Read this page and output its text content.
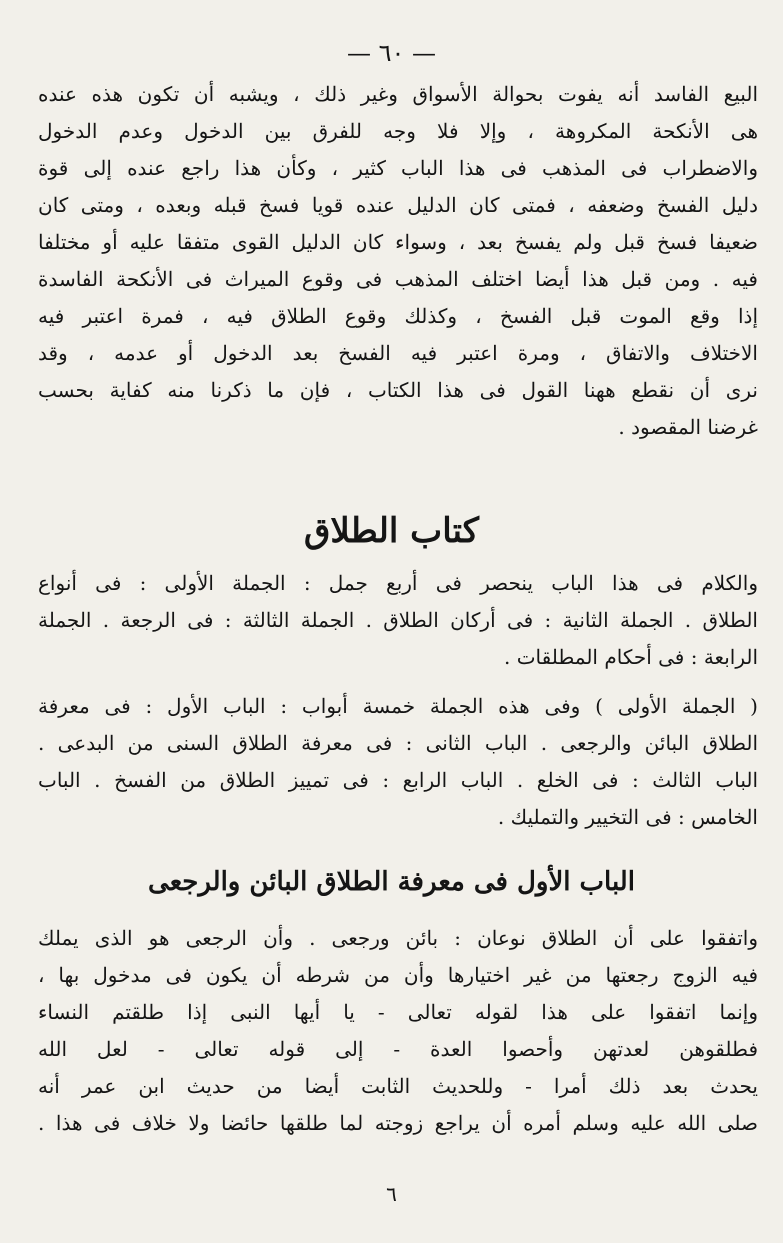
— ٦٠ —
البيع الفاسد أنه يفوت بحوالة الأسواق وغير ذلك ، ويشبه أن تكون هذه عنده
هى الأنكحة المكروهة ، وإلا فلا وجه للفرق بين الدخول وعدم الدخول
والاضطراب فى المذهب فى هذا الباب كثير ، وكأن هذا راجع عنده إلى قوة
دليل الفسخ وضعفه ، فمتى كان الدليل عنده قويا فسخ قبله وبعده ، ومتى كان
ضعيفا فسخ قبل ولم يفسخ بعد ، وسواء كان الدليل القوى متفقا عليه أو مختلفا
فيه . ومن قبل هذا أيضا اختلف المذهب فى وقوع الميراث فى الأنكحة الفاسدة
إذا وقع الموت قبل الفسخ ، وكذلك وقوع الطلاق فيه ، فمرة اعتبر فيه
الاختلاف والاتفاق ، ومرة اعتبر فيه الفسخ بعد الدخول أو عدمه ، وقد
نرى أن نقطع ههنا القول فى هذا الكتاب ، فإن ما ذكرنا منه كفاية بحسب
غرضنا المقصود .
كتاب الطلاق
والكلام فى هذا الباب ينحصر فى أربع جمل : الجملة الأولى : فى أنواع
الطلاق . الجملة الثانية : فى أركان الطلاق . الجملة الثالثة : فى الرجعة . الجملة
الرابعة : فى أحكام المطلقات .
( الجملة الأولى ) وفى هذه الجملة خمسة أبواب : الباب الأول : فى معرفة
الطلاق البائن والرجعى . الباب الثانى : فى معرفة الطلاق السنى من البدعى .
الباب الثالث : فى الخلع . الباب الرابع : فى تمييز الطلاق من الفسخ . الباب
الخامس : فى التخيير والتمليك .
الباب الأول فى معرفة الطلاق البائن والرجعى
واتفقوا على أن الطلاق نوعان : بائن ورجعى . وأن الرجعى هو الذى يملك
فيه الزوج رجعتها من غير اختيارها وأن من شرطه أن يكون فى مدخول بها ،
وإنما اتفقوا على هذا لقوله تعالى - يا أيها النبى إذا طلقتم النساء
فطلقوهن لعدتهن وأحصوا العدة - إلى قوله تعالى - لعل الله
يحدث بعد ذلك أمرا - وللحديث الثابت أيضا من حديث ابن عمر أنه
صلى الله عليه وسلم أمره أن يراجع زوجته لما طلقها حائضا ولا خلاف فى هذا .
٦
